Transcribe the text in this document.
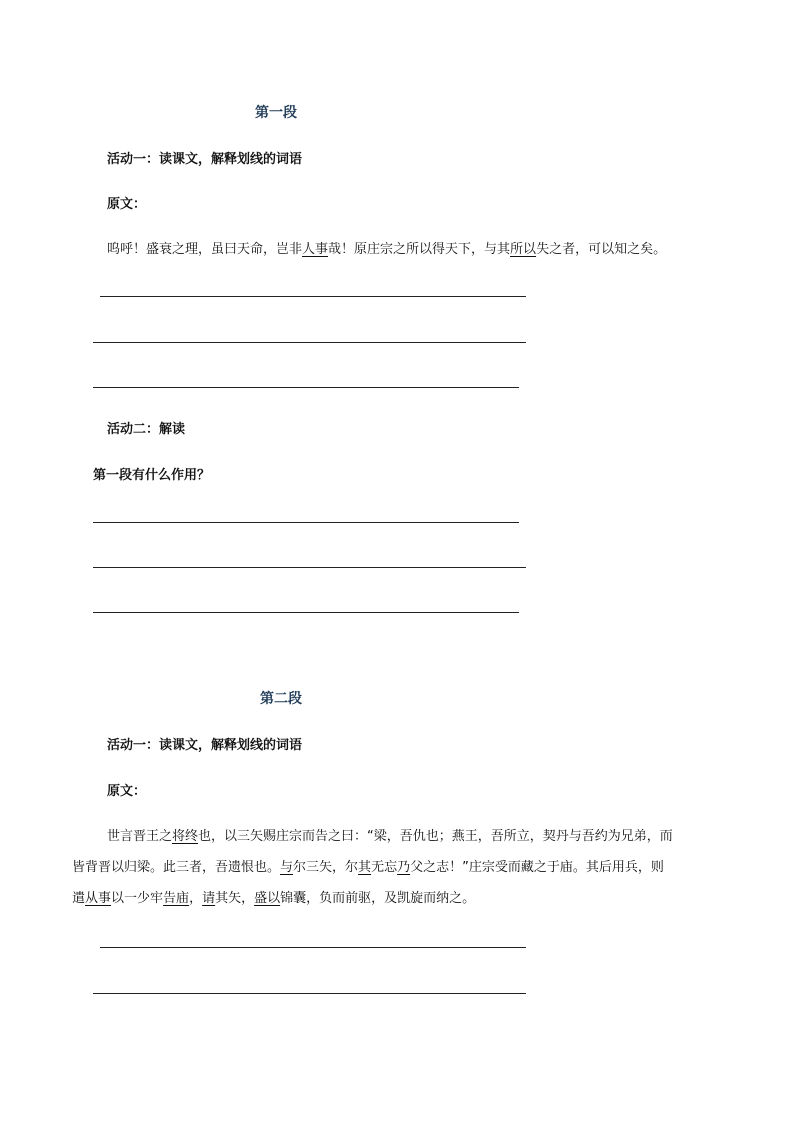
第一段
活动一：读课文，解释划线的词语
原文：
呜呼！盛衰之理，虽曰天命，岂非人事哉！原庄宗之所以得天下，与其所以失之者，可以知之矣。
活动二：解读
第一段有什么作用？
第二段
活动一：读课文，解释划线的词语
原文：
世言晋王之将终也，以三矢赐庄宗而告之曰：“梁，吾仇也；燕王，吾所立，契丹与吾约为兄弟，而
皆背晋以归梁。此三者，吾遗恨也。与尔三矢，尔其无忘乃父之志！”庄宗受而藏之于庙。其后用兵，则
遣从事以一少牢告庙，请其矢，盛以锦囊，负而前驱，及凯旋而纳之。
